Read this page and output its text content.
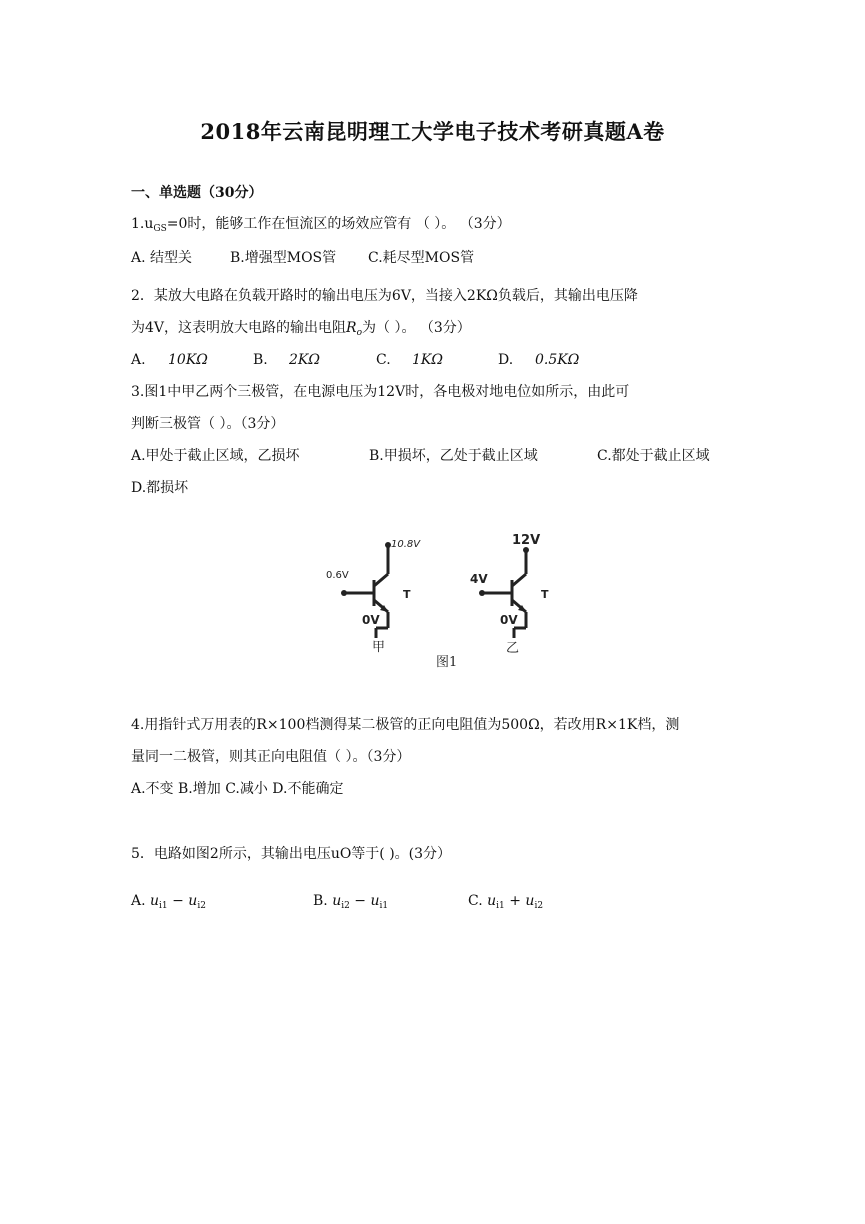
2018年云南昆明理工大学电子技术考研真题A卷
一、单选题（30分）
$1.u_{GS}=0$时，能够工作在恒流区的场效应管有 （ ）。 （3分）
A. 结型关	B.增强型MOS管 C.耗尽型MOS管
2．某放大电路在负载开路时的输出电压为6V，当接入2KΩ负载后，其输出电压降
为4V，这表明放大电路的输出电阻$R_o$为（ ）。 （3分）
A. 10KΩ	B. 2KΩ	C. 1KΩ	D. 0.5KΩ
3.图1中甲乙两个三极管，在电源电压为12V时，各电极对地电位如所示，由此可
判断三极管（ ）。（3分）
A.甲处于截止区域，乙损坏	B.甲损坏，乙处于截止区域	C.都处于截止区域
D.都损坏
10.8V
0.6V
0V
T
甲
12V
4V
0V
T
乙
图1
4.用指针式万用表的R×100档测得某二极管的正向电阻值为500Ω，若改用R×1K档，测
量同一二极管，则其正向电阻值（ ）。（3分）
A.不变 B.增加 C.减小 D.不能确定
5．电路如图2所示，其输出电压uO等于( )。(3分）
A. $u_{i1} - u_{i2}$	B. $u_{i2} - u_{i1}$	C. $u_{i1} + u_{i2}$
